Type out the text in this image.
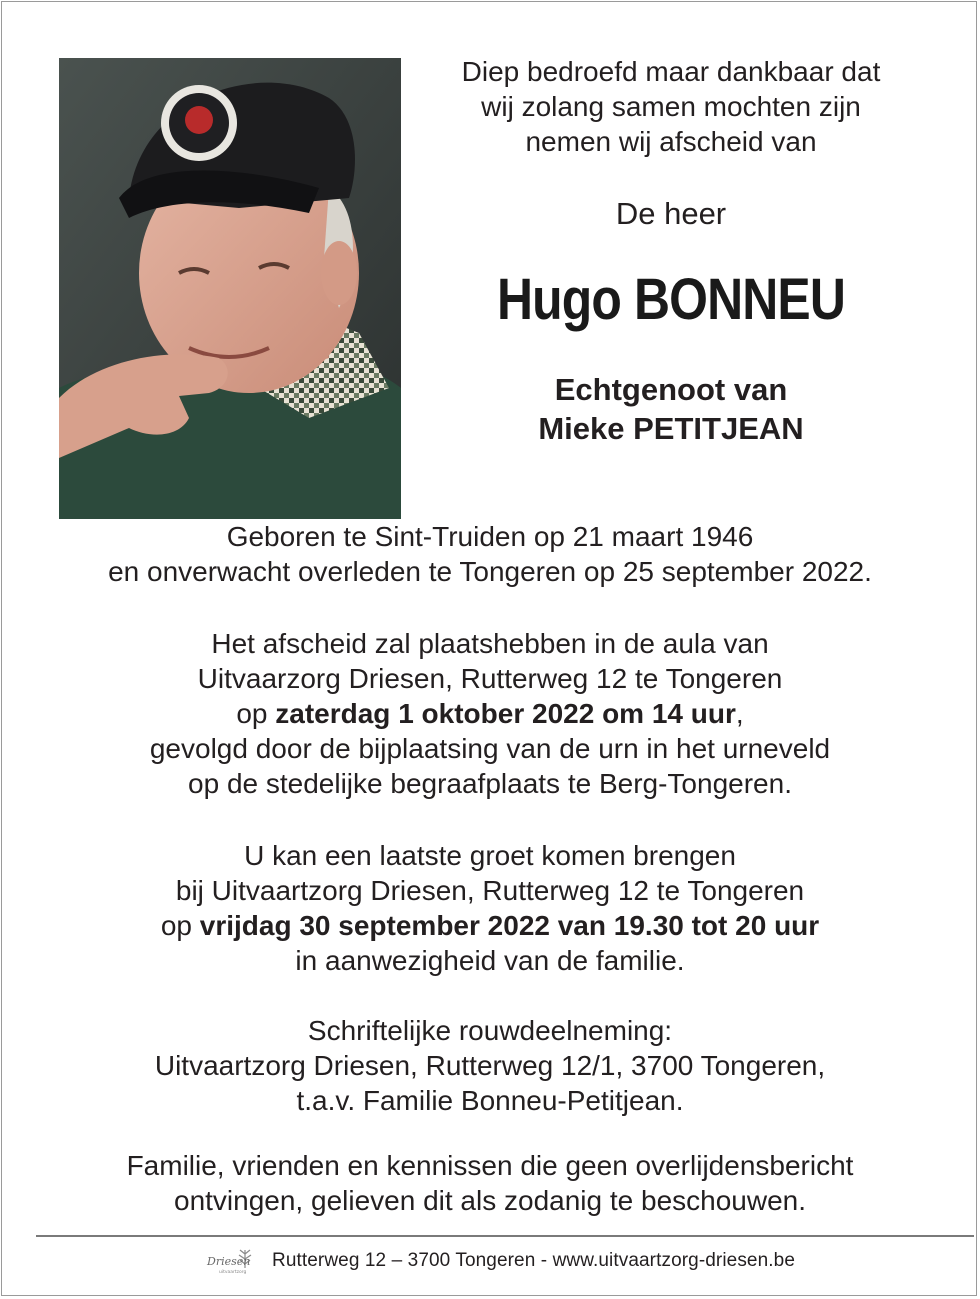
Diep bedroefd maar dankbaar dat
wij zolang samen mochten zijn
nemen wij afscheid van
De heer
Hugo BONNEU
Echtgenoot van
Mieke PETITJEAN
Geboren te Sint-Truiden op 21 maart 1946
en onverwacht overleden te Tongeren op 25 september 2022.
Het afscheid zal plaatshebben in de aula van
Uitvaarzorg Driesen, Rutterweg 12 te Tongeren
op zaterdag 1 oktober 2022 om 14 uur,
gevolgd door de bijplaatsing van de urn in het urneveld
op de stedelijke begraafplaats te Berg-Tongeren.
U kan een laatste groet komen brengen
bij Uitvaartzorg Driesen, Rutterweg 12 te Tongeren
op vrijdag 30 september 2022 van 19.30 tot 20 uur
in aanwezigheid van de familie.
Schriftelijke rouwdeelneming:
Uitvaartzorg Driesen, Rutterweg 12/1, 3700 Tongeren,
t.a.v. Familie Bonneu-Petitjean.
Familie, vrienden en kennissen die geen overlijdensbericht
ontvingen, gelieven dit als zodanig te beschouwen.
Driesen
uitvaartzorg
Rutterweg 12 – 3700 Tongeren - www.uitvaartzorg-driesen.be
